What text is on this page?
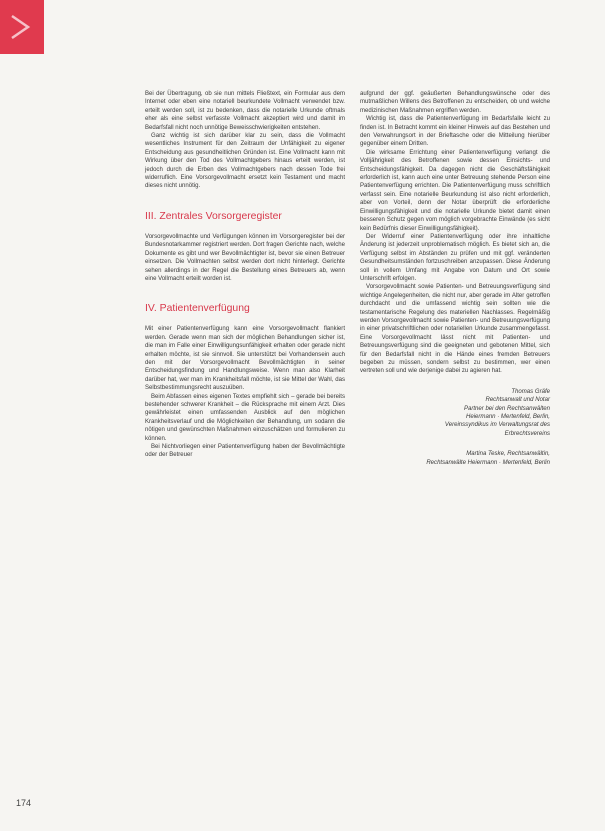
Bei der Übertragung, ob sie nun mittels Fließtext, ein Formular aus dem Internet oder eben eine notariell beurkundete Vollmacht verwendet bzw. erteilt werden soll, ist zu bedenken, dass die notarielle Urkunde oftmals eher als eine selbst verfasste Vollmacht akzeptiert wird und damit im Bedarfsfall nicht noch unnötige Beweisschwierigkeiten entstehen.

Ganz wichtig ist sich darüber klar zu sein, dass die Vollmacht wesentliches Instrument für den Zeitraum der Unfähigkeit zu eigener Entscheidung aus gesundheitlichen Gründen ist. Eine Vollmacht kann mit Wirkung über den Tod des Vollmachtgebers hinaus erteilt werden, ist jedoch durch die Erben des Vollmachtgebers nach dessen Tode frei widerruflich. Eine Vorsorgevollmacht ersetzt kein Testament und macht dieses nicht unnötig.

III. Zentrales Vorsorgeregister

Vorsorgevollmachte und Verfügungen können im Vorsorgeregister bei der Bundesnotarkammer registriert werden. Dort fragen Gerichte nach, welche Dokumente es gibt und wer Bevollmächtigter ist, bevor sie einen Betreuer einsetzen. Die Vollmachten selbst werden dort nicht hinterlegt. Gerichte sehen allerdings in der Regel die Bestellung eines Betreuers ab, wenn eine Vollmacht erteilt worden ist.

IV. Patientenverfügung

Mit einer Patientenverfügung kann eine Vorsorgevollmacht flankiert werden. Gerade wenn man sich der möglichen Behandlungen sicher ist, die man im Falle einer Einwilligungsunfähigkeit erhalten oder gerade nicht erhalten möchte, ist sie sinnvoll. Sie unterstützt bei Vorhandensein auch den mit der Vorsorgevollmacht Bevollmächtigten in seiner Entscheidungsfindung und Handlungsweise. Wenn man also Klarheit darüber hat, wer man im Krankheitsfall möchte, ist sie Mittel der Wahl, das Selbstbestimmungsrecht auszuüben.

Beim Abfassen eines eigenen Textes empfiehlt sich – gerade bei bereits bestehender schwerer Krankheit – die Rücksprache mit einem Arzt. Dies gewährleistet einen umfassenden Ausblick auf den möglichen Krankheitsverlauf und die Möglichkeiten der Behandlung, um sodann die nötigen und gewünschten Maßnahmen einzuschätzen und formulieren zu können.

Bei Nichtvorliegen einer Patientenverfügung haben der Bevollmächtigte oder der Betreuer

aufgrund der ggf. geäußerten Behandlungswünsche oder des mutmaßlichen Willens des Betroffenen zu entscheiden, ob und welche medizinischen Maßnahmen ergriffen werden.

Wichtig ist, dass die Patientenverfügung im Bedarfsfalle leicht zu finden ist. In Betracht kommt ein kleiner Hinweis auf das Bestehen und den Verwahrungsort in der Brieftasche oder die Mitteilung hierüber gegenüber einem Dritten.

Die wirksame Errichtung einer Patientenverfügung verlangt die Volljährigkeit des Betroffenen sowie dessen Einsichts- und Entscheidungsfähigkeit. Da dagegen nicht die Geschäftsfähigkeit erforderlich ist, kann auch eine unter Betreuung stehende Person eine Patientenverfügung errichten. Die Patientenverfügung muss schriftlich verfasst sein. Eine notarielle Beurkundung ist also nicht erforderlich, aber von Vorteil, denn der Notar überprüft die erforderliche Einwilligungsfähigkeit und die notarielle Urkunde bietet damit einen besseren Schutz gegen vom möglich vorgebrachte Einwände (es sicht kein Bedürfnis dieser Einwilligungsfähigkeit).

Der Widerruf einer Patientenverfügung oder ihre inhaltliche Änderung ist jederzeit unproblematisch möglich. Es bietet sich an, die Verfügung selbst im Abständen zu prüfen und mit ggf. veränderten Gesundheitsumständen fortzuschreiben anzupassen. Diese Änderung soll in vollem Umfang mit Angabe von Datum und Ort sowie Unterschrift erfolgen.

Vorsorgevollmacht sowie Patienten- und Betreuungsverfügung sind wichtige Angelegenheiten, die nicht nur, aber gerade im Alter getroffen durchdacht und die umfassend wichtig sein sollten wie die testamentarische Regelung des materiellen Nachlasses. Regelmäßig werden Vorsorgevollmacht sowie Patienten- und Betreuungsverfügung in einer privatschriftlichen oder notariellen Urkunde zusammengefasst. Eine Vorsorgevollmacht lässt nicht mit Patienten- und Betreuungsverfügung sind die geeigneten und gebotenen Mittel, sich für den Bedarfsfall nicht in die Hände eines fremden Betreuers begeben zu müssen, sondern selbst zu bestimmen, wer einen vertreten soll und wie derjenige dabei zu agieren hat.

Thomas Gräfe

Rechtsanwalt und Notar

Partner bei den Rechtsanwälten

Heiermann · Mertenfeld, Berlin,

Vereinssyndikus im Verwaltungsrat des

Erbrechtsvereins

Martina Teske, Rechtsanwältin,

Rechtsanwälte Heiermann · Mertenfeld, Berlin

174
